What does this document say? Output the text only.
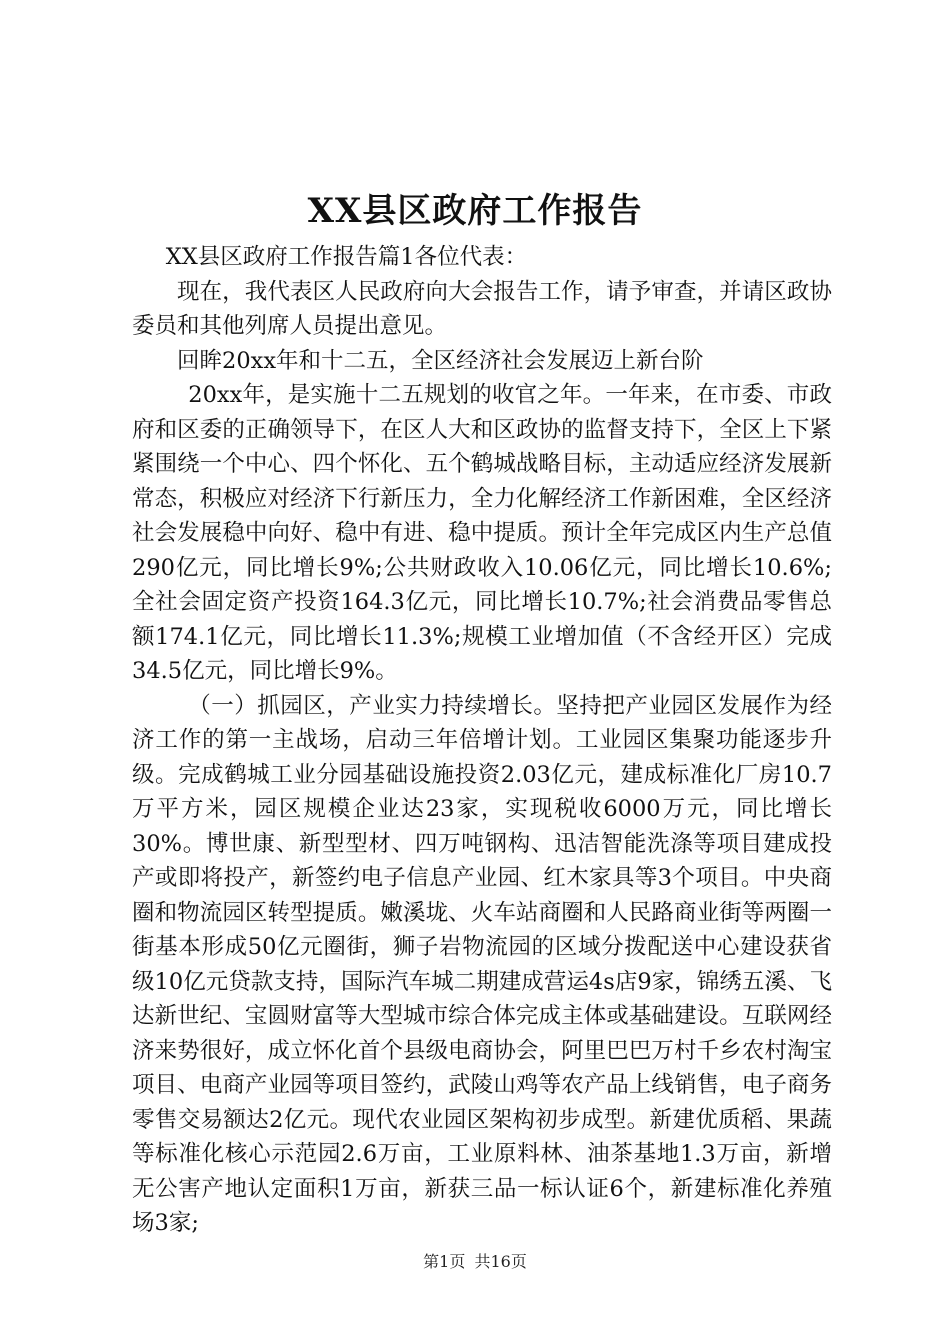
XX县区政府工作报告

XX县区政府工作报告篇1各位代表：

现在，我代表区人民政府向大会报告工作，请予审查，并请区政协委员和其他列席人员提出意见。

回眸20xx年和十二五，全区经济社会发展迈上新台阶

20xx年，是实施十二五规划的收官之年。一年来，在市委、市政府和区委的正确领导下，在区人大和区政协的监督支持下，全区上下紧紧围绕一个中心、四个怀化、五个鹤城战略目标，主动适应经济发展新常态，积极应对经济下行新压力，全力化解经济工作新困难，全区经济社会发展稳中向好、稳中有进、稳中提质。预计全年完成区内生产总值290亿元，同比增长9%;公共财政收入10.06亿元，同比增长10.6%;全社会固定资产投资164.3亿元，同比增长10.7%;社会消费品零售总额174.1亿元，同比增长11.3%;规模工业增加值（不含经开区）完成34.5亿元，同比增长9%。

（一）抓园区，产业实力持续增长。坚持把产业园区发展作为经济工作的第一主战场，启动三年倍增计划。工业园区集聚功能逐步升级。完成鹤城工业分园基础设施投资2.03亿元，建成标准化厂房10.7万平方米，园区规模企业达23家，实现税收6000万元，同比增长30%。博世康、新型型材、四万吨钢构、迅洁智能洗涤等项目建成投产或即将投产，新签约电子信息产业园、红木家具等3个项目。中央商圈和物流园区转型提质。嫩溪垅、火车站商圈和人民路商业街等两圈一街基本形成50亿元圈街，狮子岩物流园的区域分拨配送中心建设获省级10亿元贷款支持，国际汽车城二期建成营运4s店9家，锦绣五溪、飞达新世纪、宝圆财富等大型城市综合体完成主体或基础建设。互联网经济来势很好，成立怀化首个县级电商协会，阿里巴巴万村千乡农村淘宝项目、电商产业园等项目签约，武陵山鸡等农产品上线销售，电子商务零售交易额达2亿元。现代农业园区架构初步成型。新建优质稻、果蔬等标准化核心示范园2.6万亩，工业原料林、油茶基地1.3万亩，新增无公害产地认定面积1万亩，新获三品一标认证6个，新建标准化养殖场3家;

第1页 共16页
